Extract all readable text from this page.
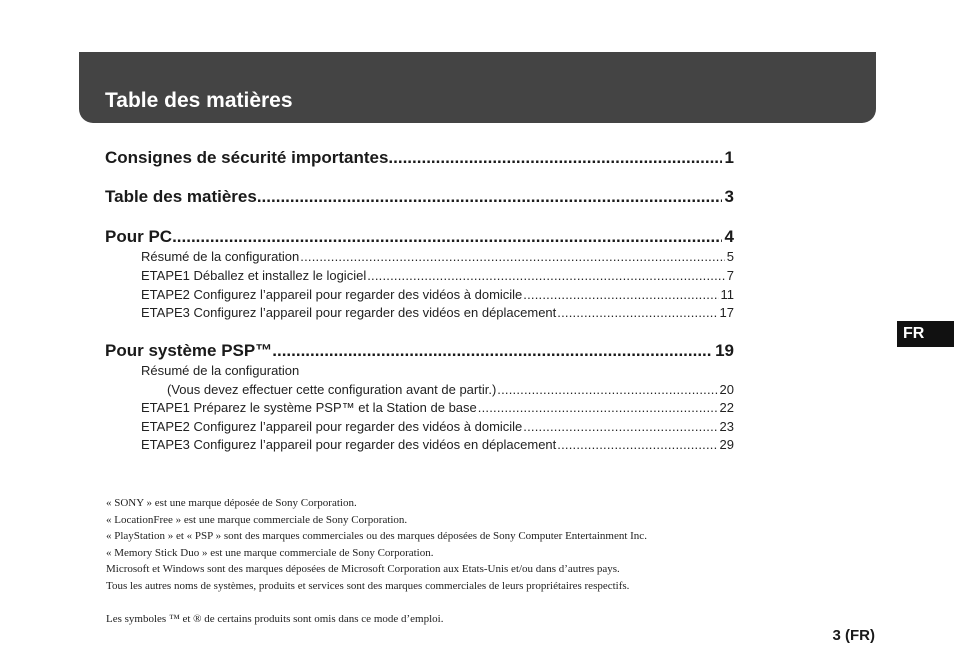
Table des matières
FR
Consignes de sécurité importantes .....	1
Table des matières .....	3
Pour PC .....	4
Résumé de la configuration .....	5
ETAPE1 Déballez et installez le logiciel .....	7
ETAPE2 Configurez l’appareil pour regarder des vidéos à domicile .....	11
ETAPE3 Configurez l’appareil pour regarder des vidéos en déplacement .....	17
Pour système PSP™ .....	19
Résumé de la configuration
(Vous devez effectuer cette configuration avant de partir.) .....	20
ETAPE1 Préparez le système PSP™ et la Station de base .....	22
ETAPE2 Configurez l’appareil pour regarder des vidéos à domicile .....	23
ETAPE3 Configurez l’appareil pour regarder des vidéos en déplacement .....	29
« SONY » est une marque déposée de Sony Corporation.
« LocationFree » est une marque commerciale de Sony Corporation.
« PlayStation » et « PSP » sont des marques commerciales ou des marques déposées de Sony Computer Entertainment Inc.
« Memory Stick Duo » est une marque commerciale de Sony Corporation.
Microsoft et Windows sont des marques déposées de Microsoft Corporation aux Etats-Unis et/ou dans d’autres pays.
Tous les autres noms de systèmes, produits et services sont des marques commerciales de leurs propriétaires respectifs.
Les symboles ™ et ® de certains produits sont omis dans ce mode d’emploi.
3 (FR)
